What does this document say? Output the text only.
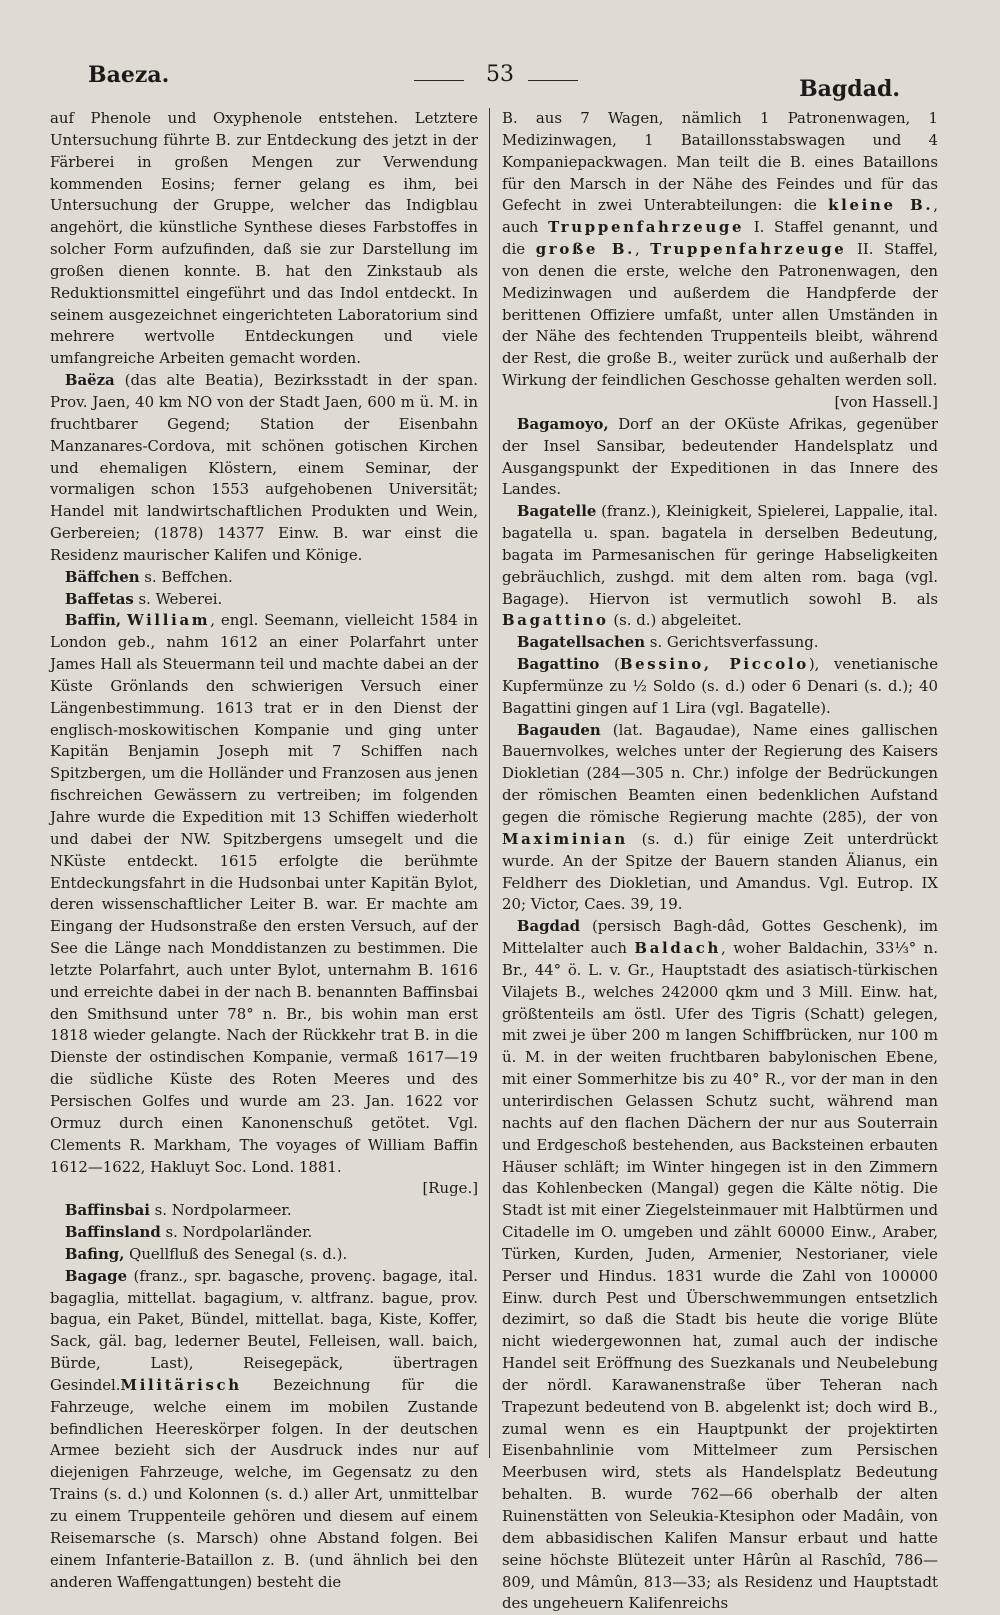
Baeza.	53
Bagdad.

auf Phenole und Oxyphenole entstehen. Letztere Untersuchung führte B. zur Entdeckung des jetzt in der Färberei in großen Mengen zur Verwendung kommenden Eosins; ferner gelang es ihm, bei Untersuchung der Gruppe, welcher das Indigblau angehört, die künstliche Synthese dieses Farbstoffes in solcher Form aufzufinden, daß sie zur Darstellung im großen dienen konnte. B. hat den Zinkstaub als Reduktionsmittel eingeführt und das Indol entdeckt. In seinem ausgezeichnet eingerichteten Laboratorium sind mehrere wertvolle Entdeckungen und viele umfangreiche Arbeiten gemacht worden.

 Baëza (das alte Beatia), Bezirksstadt in der span. Prov. Jaen, 40 km NO von der Stadt Jaen, 600 m ü. M. in fruchtbarer Gegend; Station der Eisenbahn Manzanares-Cordova, mit schönen gotischen Kirchen und ehemaligen Klöstern, einem Seminar, der vormaligen schon 1553 aufgehobenen Universität; Handel mit landwirtschaftlichen Produkten und Wein, Gerbereien; (1878) 14377 Einw. B. war einst die Residenz maurischer Kalifen und Könige.

 Bäffchen s. Beffchen.

 Baffetas s. Weberei.

 Baffin, William, engl. Seemann, vielleicht 1584 in London geb., nahm 1612 an einer Polarfahrt unter James Hall als Steuermann teil und machte dabei an der Küste Grönlands den schwierigen Versuch einer Längenbestimmung. 1613 trat er in den Dienst der englisch-moskowitischen Kompanie und ging unter Kapitän Benjamin Joseph mit 7 Schiffen nach Spitzbergen, um die Holländer und Franzosen aus jenen fischreichen Gewässern zu vertreiben; im folgenden Jahre wurde die Expedition mit 13 Schiffen wiederholt und dabei der NW. Spitzbergens umsegelt und die NKüste entdeckt. 1615 erfolgte die berühmte Entdeckungsfahrt in die Hudsonbai unter Kapitän Bylot, deren wissenschaftlicher Leiter B. war. Er machte am Eingang der Hudsonstraße den ersten Versuch, auf der See die Länge nach Monddistanzen zu bestimmen. Die letzte Polarfahrt, auch unter Bylot, unternahm B. 1616 und erreichte dabei in der nach B. benannten Baffinsbai den Smithsund unter 78° n. Br., bis wohin man erst 1818 wieder gelangte. Nach der Rückkehr trat B. in die Dienste der ostindischen Kompanie, vermaß 1617—19 die südliche Küste des Roten Meeres und des Persischen Golfes und wurde am 23. Jan. 1622 vor Ormuz durch einen Kanonenschuß getötet. Vgl. Clements R. Markham, The voyages of William Baffin 1612—1622, Hakluyt Soc. Lond. 1881.
[Ruge.]

 Baffinsbai s. Nordpolarmeer.

 Baffinsland s. Nordpolarländer.

 Bafing, Quellfluß des Senegal (s. d.).

 Bagage (franz., spr. bagasche, provenç. bagage, ital. bagaglia, mittellat. bagagium, v. altfranz. bague, prov. bagua, ein Paket, Bündel, mittellat. baga, Kiste, Koffer, Sack, gäl. bag, lederner Beutel, Felleisen, wall. baich, Bürde, Last), Reisegepäck, übertragen Gesindel.Militärisch Bezeichnung für die Fahrzeuge, welche einem im mobilen Zustande befindlichen Heereskörper folgen. In der deutschen Armee bezieht sich der Ausdruck indes nur auf diejenigen Fahrzeuge, welche, im Gegensatz zu den Trains (s. d.) und Kolonnen (s. d.) aller Art, unmittelbar zu einem Truppenteile gehören und diesem auf einem Reisemarsche (s. Marsch) ohne Abstand folgen. Bei einem Infanterie-Bataillon z. B. (und ähnlich bei den anderen Waffengattungen) besteht die

B. aus 7 Wagen, nämlich 1 Patronenwagen, 1 Medizinwagen, 1 Bataillonsstabswagen und 4 Kompaniepackwagen. Man teilt die B. eines Bataillons für den Marsch in der Nähe des Feindes und für das Gefecht in zwei Unterabteilungen: die kleine B., auch Truppenfahrzeuge I. Staffel genannt, und die große B., Truppenfahrzeuge II. Staffel, von denen die erste, welche den Patronenwagen, den Medizinwagen und außerdem die Handpferde der berittenen Offiziere umfaßt, unter allen Umständen in der Nähe des fechtenden Truppenteils bleibt, während der Rest, die große B., weiter zurück und außerhalb der Wirkung der feindlichen Geschosse gehalten werden soll.
[von Hassell.]

 Bagamoyo, Dorf an der OKüste Afrikas, gegenüber der Insel Sansibar, bedeutender Handelsplatz und Ausgangspunkt der Expeditionen in das Innere des Landes.

 Bagatelle (franz.), Kleinigkeit, Spielerei, Lappalie, ital. bagatella u. span. bagatela in derselben Bedeutung, bagata im Parmesanischen für geringe Habseligkeiten gebräuchlich, zushgd. mit dem alten rom. baga (vgl. Bagage). Hiervon ist vermutlich sowohl B. als Bagattino (s. d.) abgeleitet.

 Bagatellsachen s. Gerichtsverfassung.

 Bagattino (Bessino, Piccolo), venetianische Kupfermünze zu ½ Soldo (s. d.) oder 6 Denari (s. d.); 40 Bagattini gingen auf 1 Lira (vgl. Bagatelle).

 Bagauden (lat. Bagaudae), Name eines gallischen Bauernvolkes, welches unter der Regierung des Kaisers Diokletian (284—305 n. Chr.) infolge der Bedrückungen der römischen Beamten einen bedenklichen Aufstand gegen die römische Regierung machte (285), der von Maximinian (s. d.) für einige Zeit unterdrückt wurde. An der Spitze der Bauern standen Älianus, ein Feldherr des Diokletian, und Amandus. Vgl. Eutrop. IX 20; Victor, Caes. 39, 19.

 Bagdad (persisch Bagh-dâd, Gottes Geschenk), im Mittelalter auch Baldach, woher Baldachin, 33⅓° n. Br., 44° ö. L. v. Gr., Hauptstadt des asiatisch-türkischen Vilajets B., welches 242000 qkm und 3 Mill. Einw. hat, größtenteils am östl. Ufer des Tigris (Schatt) gelegen, mit zwei je über 200 m langen Schiffbrücken, nur 100 m ü. M. in der weiten fruchtbaren babylonischen Ebene, mit einer Sommerhitze bis zu 40° R., vor der man in den unterirdischen Gelassen Schutz sucht, während man nachts auf den flachen Dächern der nur aus Souterrain und Erdgeschoß bestehenden, aus Backsteinen erbauten Häuser schläft; im Winter hingegen ist in den Zimmern das Kohlenbecken (Mangal) gegen die Kälte nötig. Die Stadt ist mit einer Ziegelsteinmauer mit Halbtürmen und Citadelle im O. umgeben und zählt 60000 Einw., Araber, Türken, Kurden, Juden, Armenier, Nestorianer, viele Perser und Hindus. 1831 wurde die Zahl von 100000 Einw. durch Pest und Überschwemmungen entsetzlich dezimirt, so daß die Stadt bis heute die vorige Blüte nicht wiedergewonnen hat, zumal auch der indische Handel seit Eröffnung des Suezkanals und Neubelebung der nördl. Karawanenstraße über Teheran nach Trapezunt bedeutend von B. abgelenkt ist; doch wird B., zumal wenn es ein Hauptpunkt der projektirten Eisenbahnlinie vom Mittelmeer zum Persischen Meerbusen wird, stets als Handelsplatz Bedeutung behalten. B. wurde 762—66 oberhalb der alten Ruinenstätten von Seleukia-Ktesiphon oder Madâin, von dem abbasidischen Kalifen Mansur erbaut und hatte seine höchste Blütezeit unter Hârûn al Raschîd, 786—809, und Mâmûn, 813—33; als Residenz und Hauptstadt des ungeheuern Kalifenreichs
